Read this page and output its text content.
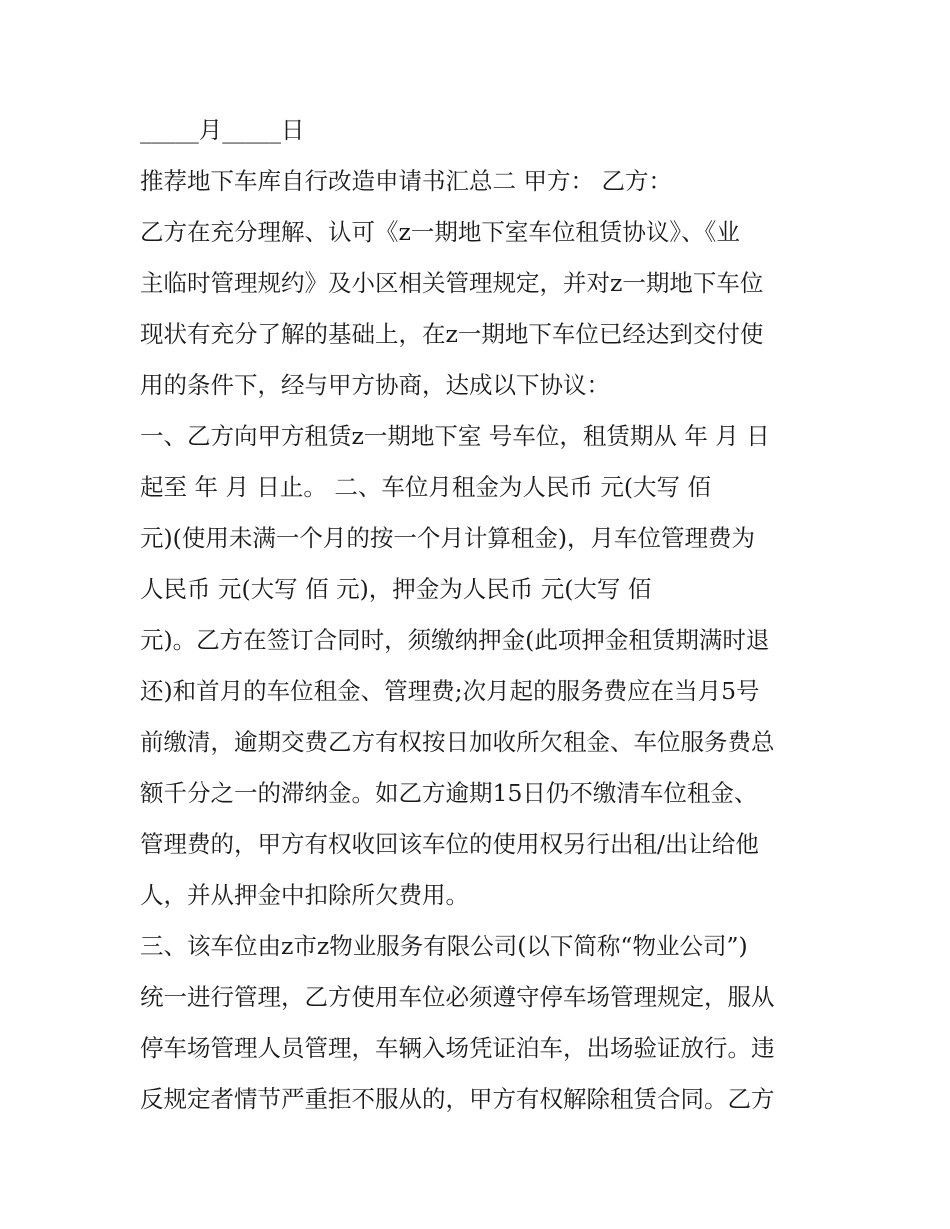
_____月_____日
推荐地下车库自行改造申请书汇总二 甲方： 乙方：
乙方在充分理解、认可《z一期地下室车位租赁协议》、《业
主临时管理规约》及小区相关管理规定，并对z一期地下车位
现状有充分了解的基础上，在z一期地下车位已经达到交付使
用的条件下，经与甲方协商，达成以下协议：
一、乙方向甲方租赁z一期地下室 号车位，租赁期从 年 月 日
起至 年 月 日止。 二、车位月租金为人民币 元(大写 佰
元)(使用未满一个月的按一个月计算租金)，月车位管理费为
人民币 元(大写 佰 元)，押金为人民币 元(大写 佰
元)。乙方在签订合同时，须缴纳押金(此项押金租赁期满时退
还)和首月的车位租金、管理费;次月起的服务费应在当月5号
前缴清，逾期交费乙方有权按日加收所欠租金、车位服务费总
额千分之一的滞纳金。如乙方逾期15日仍不缴清车位租金、
管理费的，甲方有权收回该车位的使用权另行出租/出让给他
人，并从押金中扣除所欠费用。
三、该车位由z市z物业服务有限公司(以下简称“物业公司”)
统一进行管理，乙方使用车位必须遵守停车场管理规定，服从
停车场管理人员管理，车辆入场凭证泊车，出场验证放行。违
反规定者情节严重拒不服从的，甲方有权解除租赁合同。乙方
